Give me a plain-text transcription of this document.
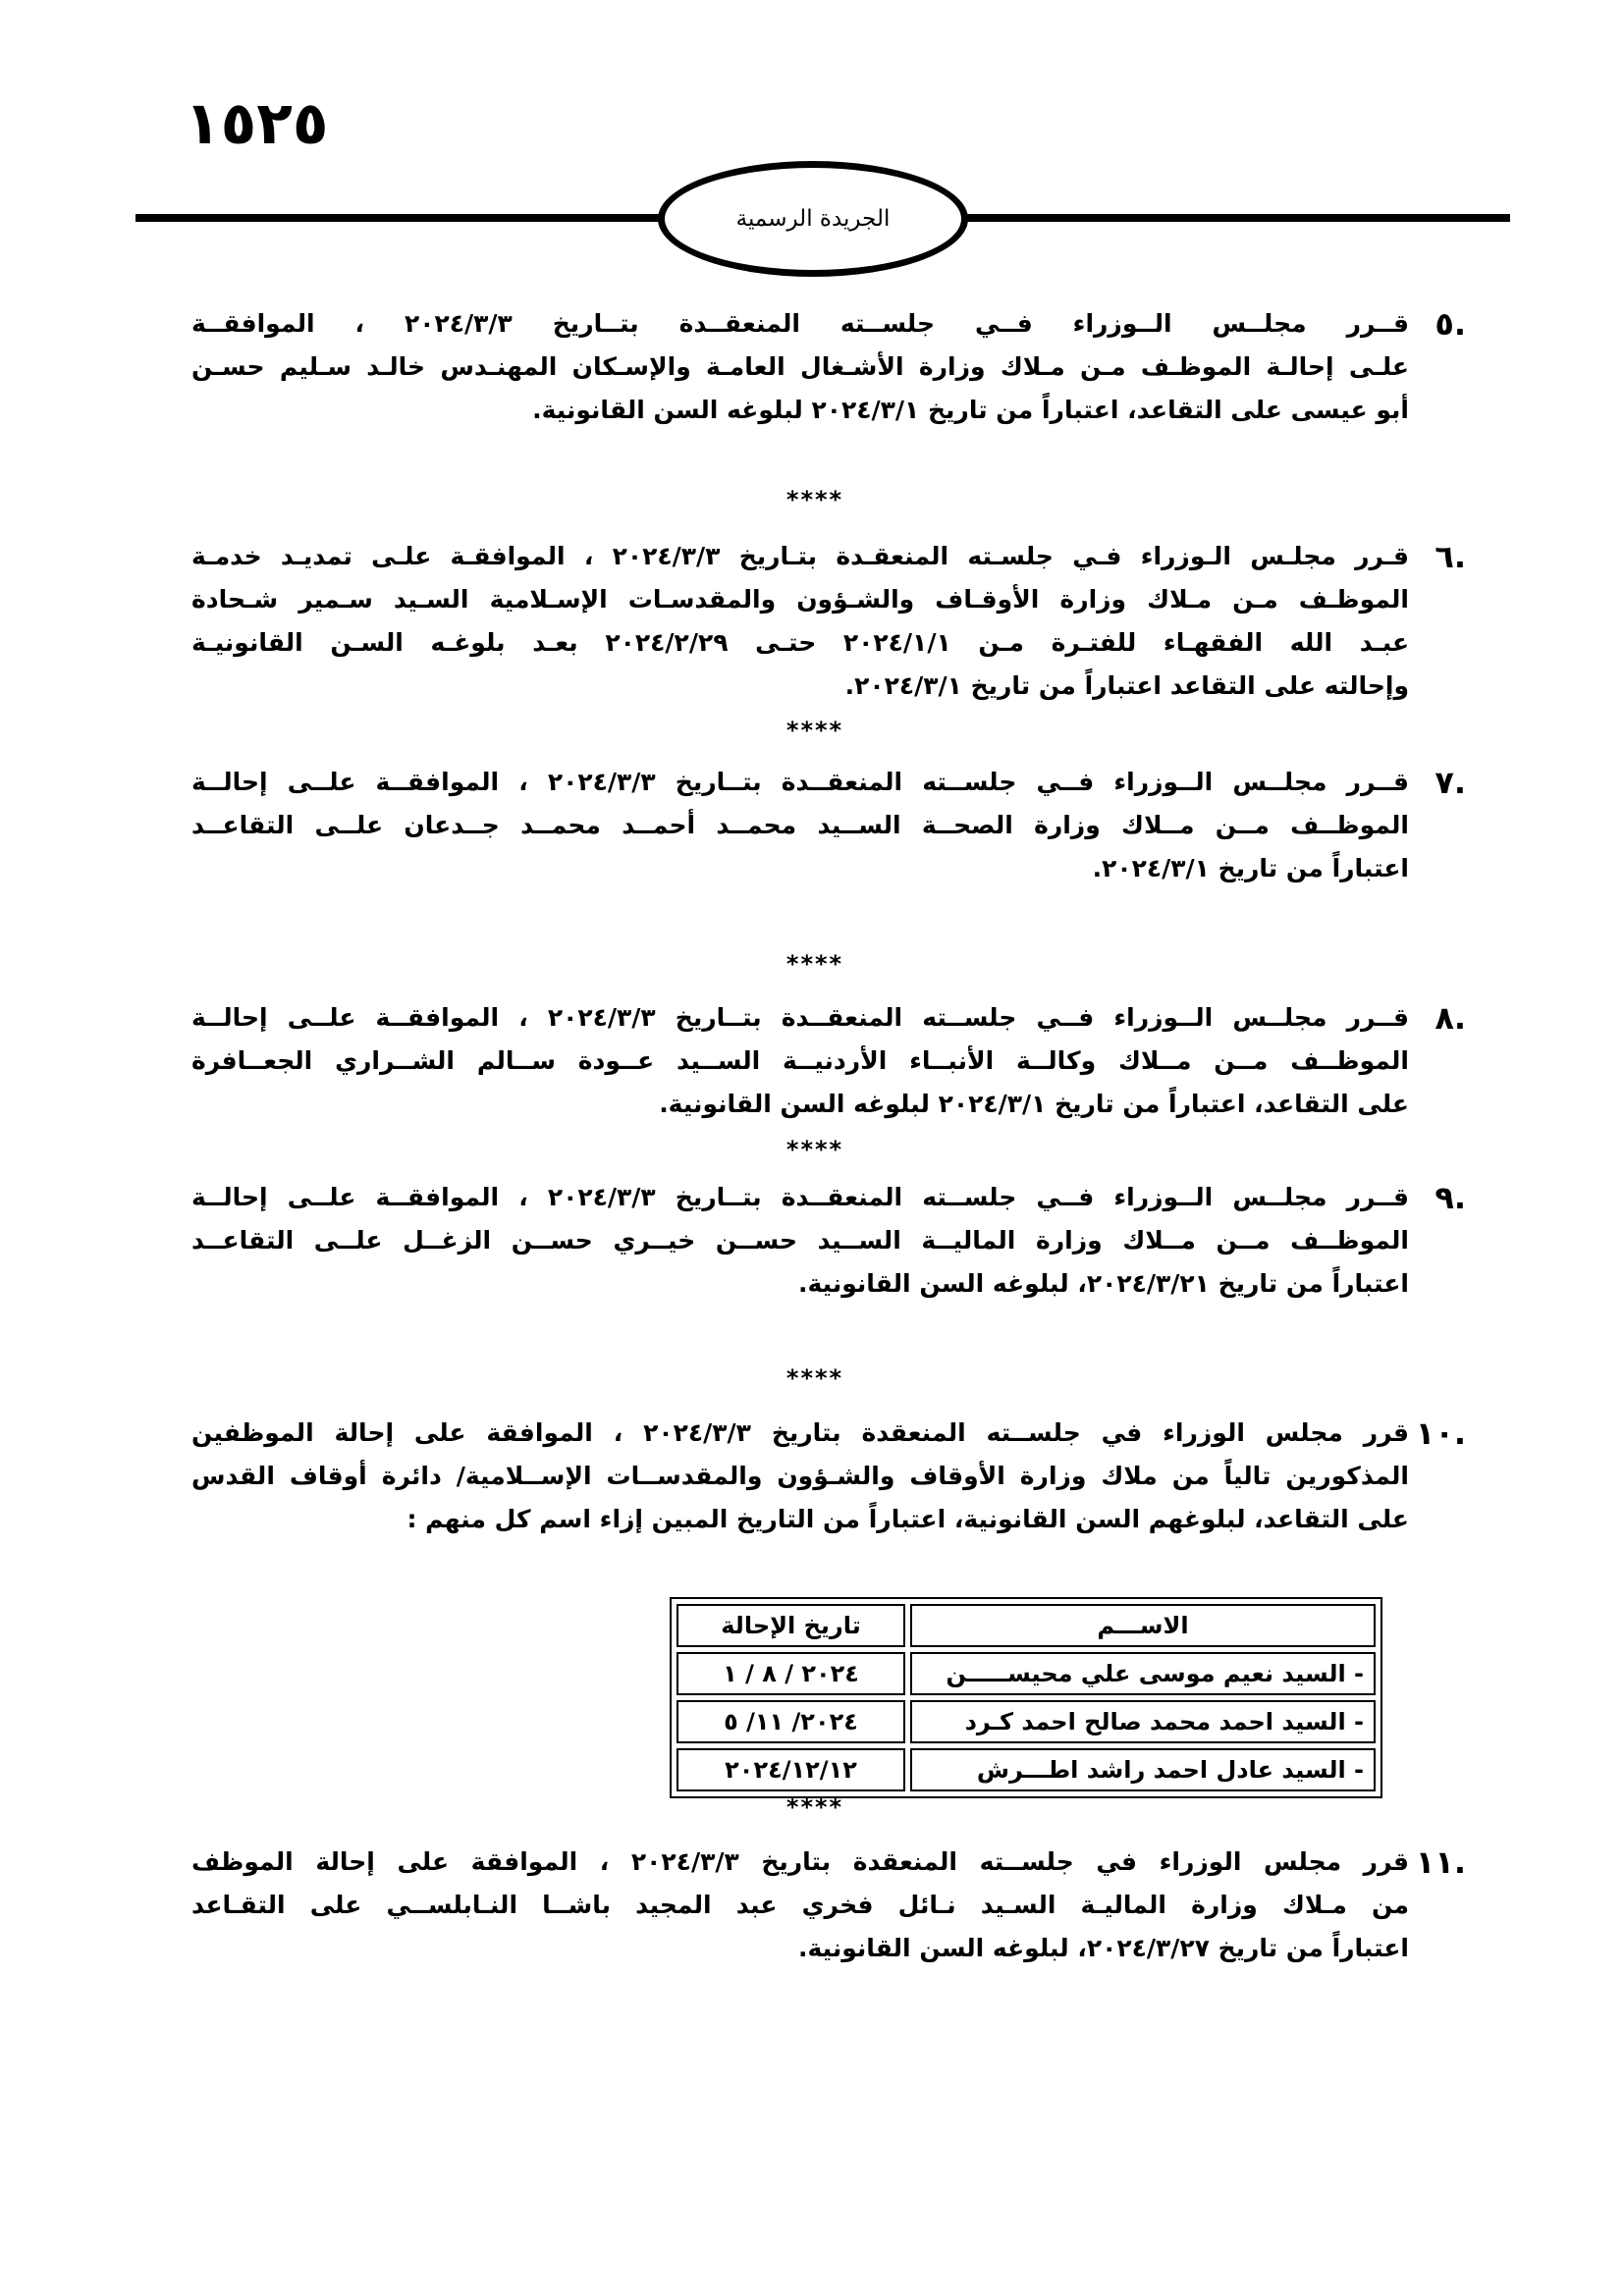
١٥٢٥
الجريدة الرسمية
.٥

قــرر مجلــس الــوزراء فــي جلســته المنعقــدة بتــاريخ ٢٠٢٤/٣/٣ ، الموافقــة

علـى إحالـة الموظـف مـن مـلاك وزارة الأشـغال العامـة والإسـكان المهنـدس خالـد سـليم حسـن

أبو عيسى على التقاعد، اعتباراً من تاريخ ٢٠٢٤/٣/١ لبلوغه السن القانونية.

****
.٦

قـرر مجلـس الـوزراء فـي جلسـته المنعقـدة بتـاريخ ٢٠٢٤/٣/٣ ، الموافقـة علـى تمديـد خدمـة

الموظـف مـن مـلاك وزارة الأوقـاف والشـؤون والمقدسـات الإسـلامية السـيد سـمير شـحادة

عبـد الله الفقهـاء للفتـرة مـن ٢٠٢٤/١/١ حتـى ٢٠٢٤/٢/٢٩ بعـد بلوغـه السـن القانونيـة

وإحالته على التقاعد اعتباراً من تاريخ ٢٠٢٤/٣/١.

****
.٧

قــرر مجلــس الــوزراء فــي جلســته المنعقــدة بتــاريخ ٢٠٢٤/٣/٣ ، الموافقــة علــى إحالــة

الموظــف مــن مــلاك وزارة الصحــة الســيد محمــد أحمــد محمــد جــدعان علــى التقاعــد

اعتباراً من تاريخ ٢٠٢٤/٣/١.

****
.٨

قــرر مجلــس الــوزراء فــي جلســته المنعقــدة بتــاريخ ٢٠٢٤/٣/٣ ، الموافقــة علــى إحالــة

الموظــف مــن مــلاك وكالــة الأنبــاء الأردنيــة الســيد عــودة ســالم الشــراري الجعــافرة

على التقاعد، اعتباراً من تاريخ ٢٠٢٤/٣/١ لبلوغه السن القانونية.

****
.٩

قــرر مجلــس الــوزراء فــي جلســته المنعقــدة بتــاريخ ٢٠٢٤/٣/٣ ، الموافقــة علــى إحالــة

الموظــف مــن مــلاك وزارة الماليــة الســيد حســن خيــري حســن الزغــل علــى التقاعــد

اعتباراً من تاريخ ٢٠٢٤/٣/٢١، لبلوغه السن القانونية.

****
.١٠

قرر مجلس الوزراء في جلســته المنعقدة بتاريخ ٢٠٢٤/٣/٣ ، الموافقة على إحالة الموظفين

المذكورين تالياً من ملاك وزارة الأوقاف والشـؤون والمقدســات الإســلامية/ دائرة أوقاف القدس

على التقاعد، لبلوغهم السن القانونية، اعتباراً من التاريخ المبين إزاء اسم كل منهم :

الاســـم	تاريخ الإحالة
- السيد نعيم موسى علي محيســـــن	٢٠٢٤ / ٨ / ١
- السيد احمد محمد صالح احمد كـرد	٢٠٢٤/ ١١/ ٥
- السيد عادل احمد راشد اطـــرش	٢٠٢٤/١٢/١٢
****
.١١

قرر مجلس الوزراء في جلســته المنعقدة بتاريخ ٢٠٢٤/٣/٣ ، الموافقة على إحالة الموظف

من مـلاك وزارة الماليـة السـيد نـائل فخري عبد المجيد باشــا النـابلســي على التقـاعد

اعتباراً من تاريخ ٢٠٢٤/٣/٢٧، لبلوغه السن القانونية.
